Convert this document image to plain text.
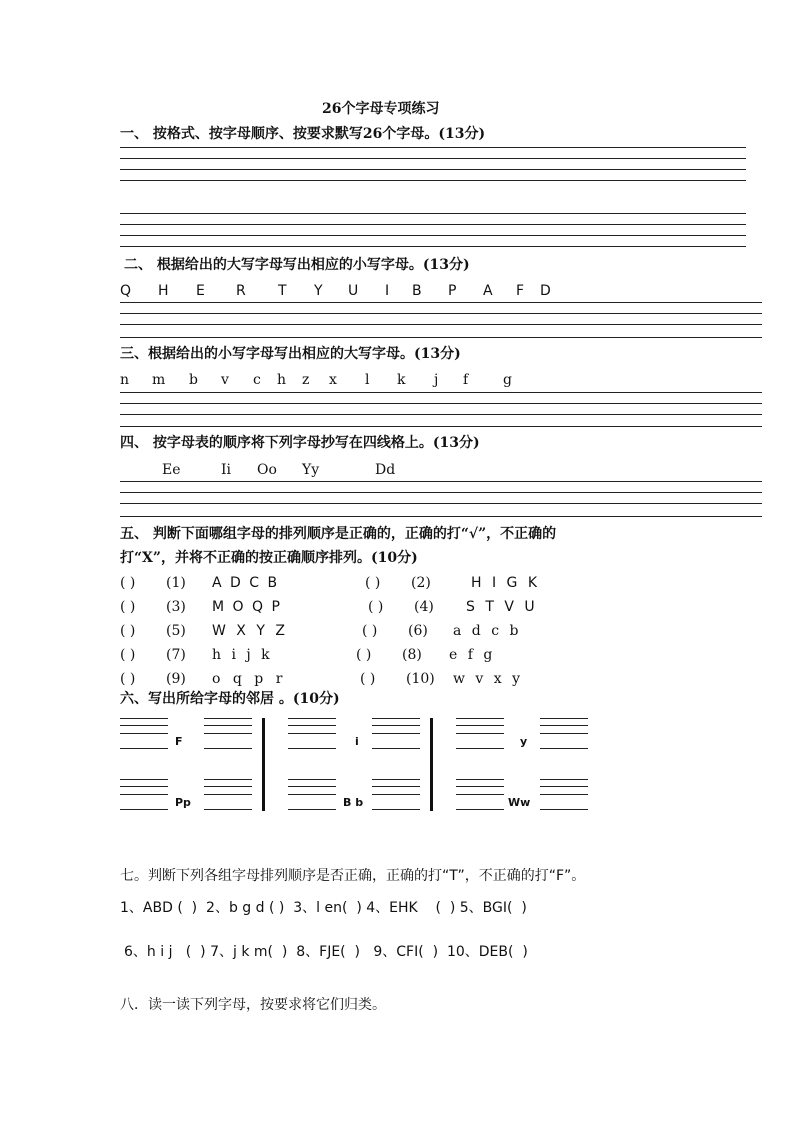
26个字母专项练习
一、 按格式、按字母顺序、按要求默写26个字母。(13分)
二、 根据给出的大写字母写出相应的小写字母。(13分)
Q H E R T Y U I B P A F D
三、根据给出的小写字母写出相应的大写字母。(13分)
n m b v c h z x l k j f g
四、 按字母表的顺序将下列字母抄写在四线格上。(13分)
Ee	Ii Oo Yy	Dd
五、 判断下面哪组字母的排列顺序是正确的，正确的打“√”，不正确的
打“X”，并将不正确的按正确顺序排列。(10分)
( ) (1) A D C B	( ) (2)	H I G K
( ) (3) M O Q P	( ) (4) S T V U
( ) (5) W X Y Z	( ) (6) a d c b
( ) (7) h i j k	( ) (8) e f g
( ) (9) o q p r	( ) (10) w v x y
六、写出所给字母的邻居 。(10分)
F
Pp
i
B b
y
Ww
七。判断下列各组字母排列顺序是否正确，正确的打“T”，不正确的打“F”。
1、ABD (  )  2、b g d ( )  3、l en(  ) 4、EHK    (  ) 5、BGI(  )
6、h i j   (  ) 7、j k m(  )  8、FJE(  )   9、CFI(  )  10、DEB(  )
八．读一读下列字母，按要求将它们归类。
